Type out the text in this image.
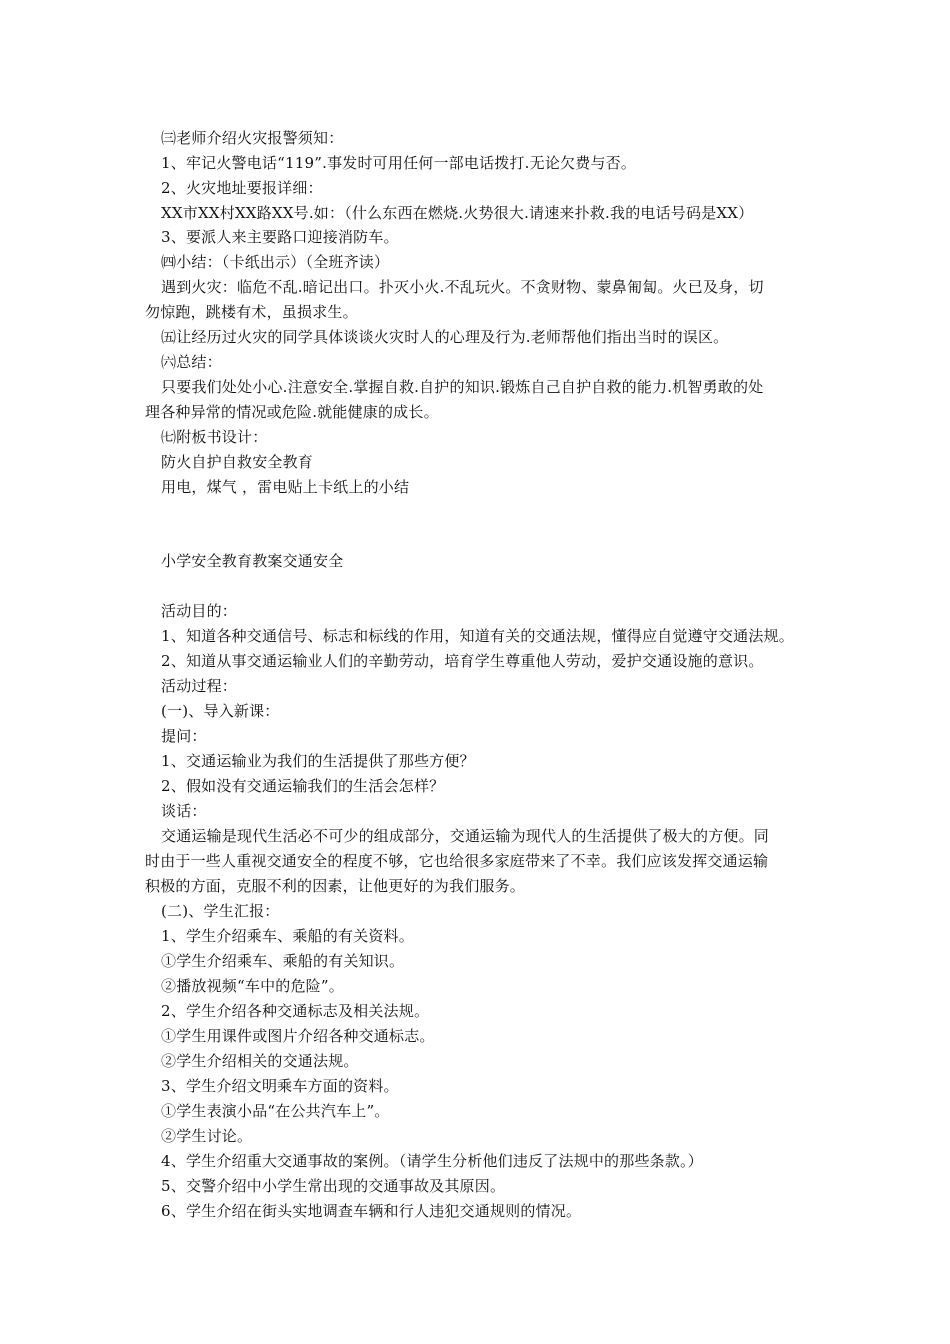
㈢老师介绍火灾报警须知：
1、牢记火警电话“119”.事发时可用任何一部电话拨打.无论欠费与否。
2、火灾地址要报详细：
XX市XX村XX路XX号.如：（什么东西在燃烧.火势很大.请速来扑救.我的电话号码是XX）
3、要派人来主要路口迎接消防车。
㈣小结：（卡纸出示）（全班齐读）
遇到火灾：临危不乱.暗记出口。扑灭小火.不乱玩火。不贪财物、蒙鼻匍匐。火已及身，切
勿惊跑，跳楼有术，虽损求生。
㈤让经历过火灾的同学具体谈谈火灾时人的心理及行为.老师帮他们指出当时的误区。
㈥总结：
只要我们处处小心.注意安全.掌握自救.自护的知识.锻炼自己自护自救的能力.机智勇敢的处
理各种异常的情况或危险.就能健康的成长。
㈦附板书设计：
防火自护自救安全教育
用电，煤气 ，雷电贴上卡纸上的小结
小学安全教育教案交通安全
活动目的：
1、知道各种交通信号、标志和标线的作用，知道有关的交通法规，懂得应自觉遵守交通法规。
2、知道从事交通运输业人们的辛勤劳动，培育学生尊重他人劳动，爱护交通设施的意识。
活动过程：
(一)、导入新课：
提问：
1、交通运输业为我们的生活提供了那些方便？
2、假如没有交通运输我们的生活会怎样？
谈话：
交通运输是现代生活必不可少的组成部分，交通运输为现代人的生活提供了极大的方便。同
时由于一些人重视交通安全的程度不够，它也给很多家庭带来了不幸。我们应该发挥交通运输
积极的方面，克服不利的因素，让他更好的为我们服务。
(二)、学生汇报：
1、学生介绍乘车、乘船的有关资料。
①学生介绍乘车、乘船的有关知识。
②播放视频“车中的危险”。
2、学生介绍各种交通标志及相关法规。
①学生用课件或图片介绍各种交通标志。
②学生介绍相关的交通法规。
3、学生介绍文明乘车方面的资料。
①学生表演小品“在公共汽车上”。
②学生讨论。
4、学生介绍重大交通事故的案例。（请学生分析他们违反了法规中的那些条款。）
5、交警介绍中小学生常出现的交通事故及其原因。
6、学生介绍在街头实地调查车辆和行人违犯交通规则的情况。
